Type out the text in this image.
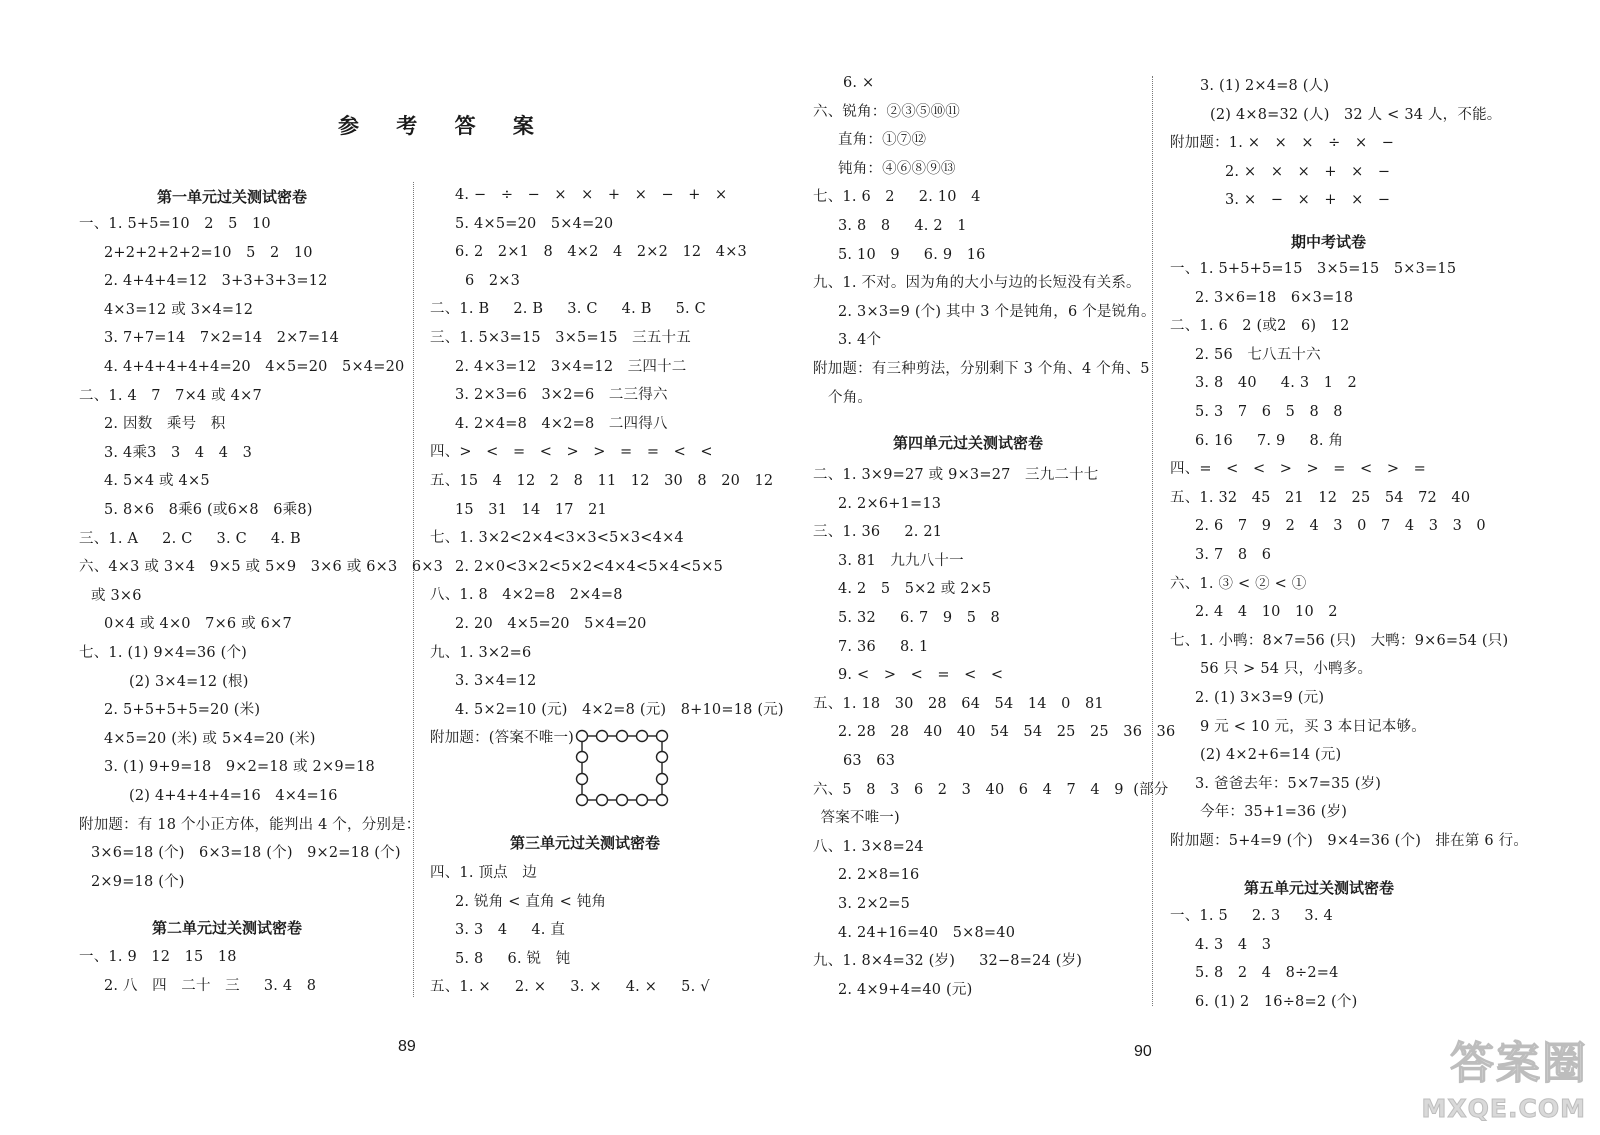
参 考 答 案
第一单元过关测试密卷
一、1. 5+5=10   2   5   10
2+2+2+2+2=10   5   2   10
2. 4+4+4=12   3+3+3+3=12
4×3=12 或 3×4=12
3. 7+7=14   7×2=14   2×7=14
4. 4+4+4+4+4=20   4×5=20   5×4=20
二、1. 4   7   7×4 或 4×7
2. 因数   乘号   积
3. 4乘3   3   4   4   3
4. 5×4 或 4×5
5. 8×6   8乘6 (或6×8   6乘8)
三、1. A     2. C     3. C     4. B
六、4×3 或 3×4   9×5 或 5×9   3×6 或 6×3   6×3
或 3×6
0×4 或 4×0   7×6 或 6×7
七、1. (1) 9×4=36 (个)
(2) 3×4=12 (根)
2. 5+5+5+5=20 (米)
4×5=20 (米) 或 5×4=20 (米)
3. (1) 9+9=18   9×2=18 或 2×9=18
(2) 4+4+4+4=16   4×4=16
附加题：有 18 个小正方体，能判出 4 个，分别是：
3×6=18 (个)   6×3=18 (个)   9×2=18 (个)
2×9=18 (个)
第二单元过关测试密卷
一、1. 9   12   15   18
2. 八   四   二十   三     3. 4   8
4. −   ÷   −   ×   ×   +   ×   −   +   ×
5. 4×5=20   5×4=20
6. 2   2×1   8   4×2   4   2×2   12   4×3
6   2×3
二、1. B     2. B     3. C     4. B     5. C
三、1. 5×3=15   3×5=15   三五十五
2. 4×3=12   3×4=12   三四十二
3. 2×3=6   3×2=6   二三得六
4. 2×4=8   4×2=8   二四得八
四、>   <   =   <   >   >   =   =   <   <
五、15   4   12   2   8   11   12   30   8   20   12
15   31   14   17   21
七、1. 3×2<2×4<3×3<5×3<4×4
2. 2×0<3×2<5×2<4×4<5×4<5×5
八、1. 8   4×2=8   2×4=8
2. 20   4×5=20   5×4=20
九、1. 3×2=6
3. 3×4=12
4. 5×2=10 (元)   4×2=8 (元)   8+10=18 (元)
附加题：(答案不唯一)
第三单元过关测试密卷
四、1. 顶点   边
2. 锐角 < 直角 < 钝角
3. 3   4     4. 直
5. 8     6. 锐   钝
五、1. ×     2. ×     3. ×     4. ×     5. √
6. ×
六、锐角：②③⑤⑩⑪
直角：①⑦⑫
钝角：④⑥⑧⑨⑬
七、1. 6   2     2. 10   4
3. 8   8     4. 2   1
5. 10   9     6. 9   16
九、1. 不对。因为角的大小与边的长短没有关系。
2. 3×3=9 (个) 其中 3 个是钝角，6 个是锐角。
3. 4个
附加题：有三种剪法，分别剩下 3 个角、4 个角、5
个角。
第四单元过关测试密卷
二、1. 3×9=27 或 9×3=27   三九二十七
2. 2×6+1=13
三、1. 36     2. 21
3. 81   九九八十一
4. 2   5   5×2 或 2×5
5. 32     6. 7   9   5   8
7. 36     8. 1
9. <   >   <   =   <   <
五、1. 18   30   28   64   54   14   0   81
2. 28   28   40   40   54   54   25   25   36   36
63   63
六、5   8   3   6   2   3   40   6   4   7   4   9  (部分
答案不唯一)
八、1. 3×8=24
2. 2×8=16
3. 2×2=5
4. 24+16=40   5×8=40
九、1. 8×4=32 (岁)     32−8=24 (岁)
2. 4×9+4=40 (元)
3. (1) 2×4=8 (人)
(2) 4×8=32 (人)   32 人 < 34 人，不能。
附加题：1. ×   ×   ×   ÷   ×   −
2. ×   ×   ×   +   ×   −
3. ×   −   ×   +   ×   −
期中考试卷
一、1. 5+5+5=15   3×5=15   5×3=15
2. 3×6=18   6×3=18
二、1. 6   2 (或2   6)   12
2. 56   七八五十六
3. 8   40     4. 3   1   2
5. 3   7   6   5   8   8
6. 16     7. 9     8. 角
四、=   <   <   >   >   =   <   >   =
五、1. 32   45   21   12   25   54   72   40
2. 6   7   9   2   4   3   0   7   4   3   3   0
3. 7   8   6
六、1. ③ < ② < ①
2. 4   4   10   10   2
七、1. 小鸭：8×7=56 (只)   大鸭：9×6=54 (只)
56 只 > 54 只，小鸭多。
2. (1) 3×3=9 (元)
9 元 < 10 元，买 3 本日记本够。
(2) 4×2+6=14 (元)
3. 爸爸去年：5×7=35 (岁)
今年：35+1=36 (岁)
附加题：5+4=9 (个)   9×4=36 (个)   排在第 6 行。
第五单元过关测试密卷
一、1. 5     2. 3     3. 4
4. 3   4   3
5. 8   2   4   8÷2=4
6. (1) 2   16÷8=2 (个)
89	90	答案圈
MXQE.COM
